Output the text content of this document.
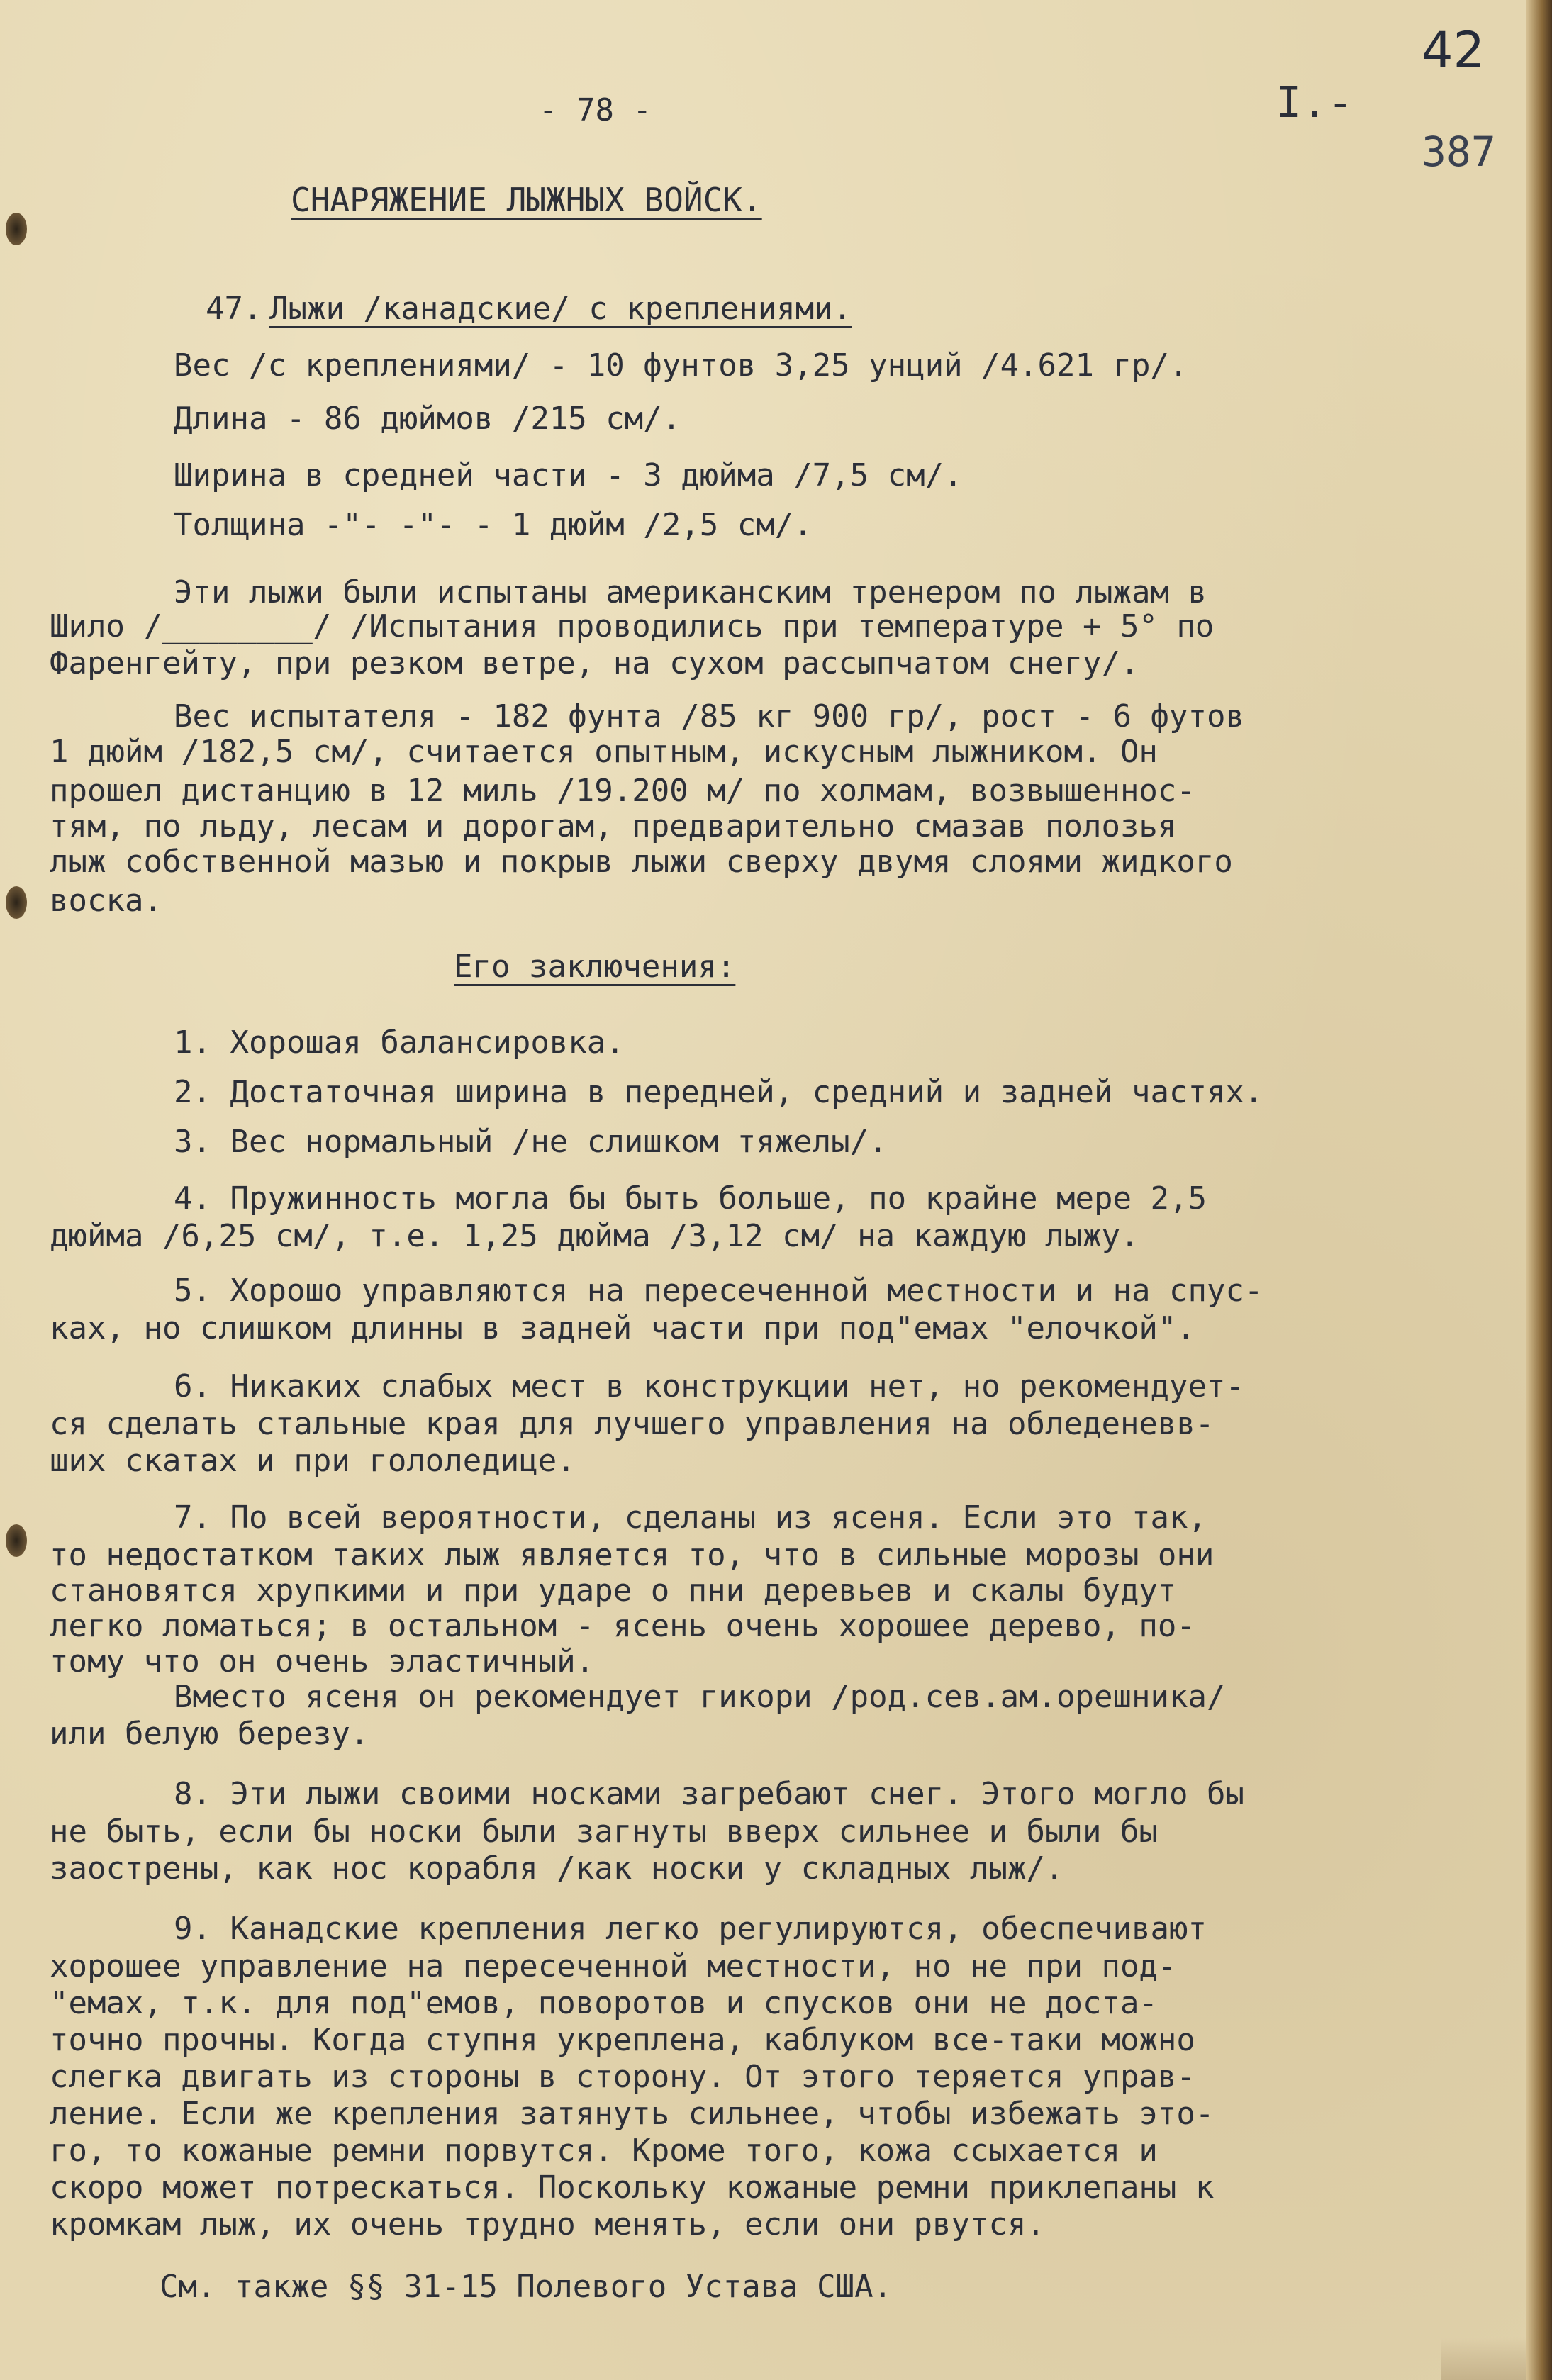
- 78 -	I.-
42
387
СНАРЯЖЕНИЕ ЛЫЖНЫХ ВОЙСК.
47. Лыжи /канадские/ с креплениями.
Вес /с креплениями/ - 10 фунтов 3,25 унций /4.621 гр/.
Длина - 86 дюймов /215 см/.
Ширина в средней части - 3 дюйма /7,5 см/.
Толщина -"- -"- - 1 дюйм /2,5 см/.
Эти лыжи были испытаны американским тренером по лыжам в
Шило /________/ /Испытания проводились при температуре + 5° по
Фаренгейту, при резком ветре, на сухом рассыпчатом снегу/.
Вес испытателя - 182 фунта /85 кг 900 гр/, рост - 6 футов
1 дюйм /182,5 см/, считается опытным, искусным лыжником. Он
прошел дистанцию в 12 миль /19.200 м/ по холмам, возвышеннос-
тям, по льду, лесам и дорогам, предварительно смазав полозья
лыж собственной мазью и покрыв лыжи сверху двумя слоями жидкого
воска.
Его заключения:
1. Хорошая балансировка.
2. Достаточная ширина в передней, средний и задней частях.
3. Вес нормальный /не слишком тяжелы/.
4. Пружинность могла бы быть больше, по крайне мере 2,5
дюйма /6,25 см/, т.е. 1,25 дюйма /3,12 см/ на каждую лыжу.
5. Хорошо управляются на пересеченной местности и на спус-
ках, но слишком длинны в задней части при под"емах "елочкой".
6. Никаких слабых мест в конструкции нет, но рекомендует-
ся сделать стальные края для лучшего управления на обледеневв-
ших скатах и при гололедице.
7. По всей вероятности, сделаны из ясеня. Если это так,
то недостатком таких лыж является то, что в сильные морозы они
становятся хрупкими и при ударе о пни деревьев и скалы будут
легко ломаться; в остальном - ясень очень хорошее дерево, по-
тому что он очень эластичный.
Вместо ясеня он рекомендует гикори /род.сев.ам.орешника/
или белую березу.
8. Эти лыжи своими носками загребают снег. Этого могло бы
не быть, если бы носки были загнуты вверх сильнее и были бы
заострены, как нос корабля /как носки у складных лыж/.
9. Канадские крепления легко регулируются, обеспечивают
хорошее управление на пересеченной местности, но не при под-
"емах, т.к. для под"емов, поворотов и спусков они не доста-
точно прочны. Когда ступня укреплена, каблуком все-таки можно
слегка двигать из стороны в сторону. От этого теряется управ-
ление. Если же крепления затянуть сильнее, чтобы избежать это-
го, то кожаные ремни порвутся. Кроме того, кожа ссыхается и
скоро может потрескаться. Поскольку кожаные ремни приклепаны к
кромкам лыж, их очень трудно менять, если они рвутся.
См. также §§ 31-15 Полевого Устава США.
